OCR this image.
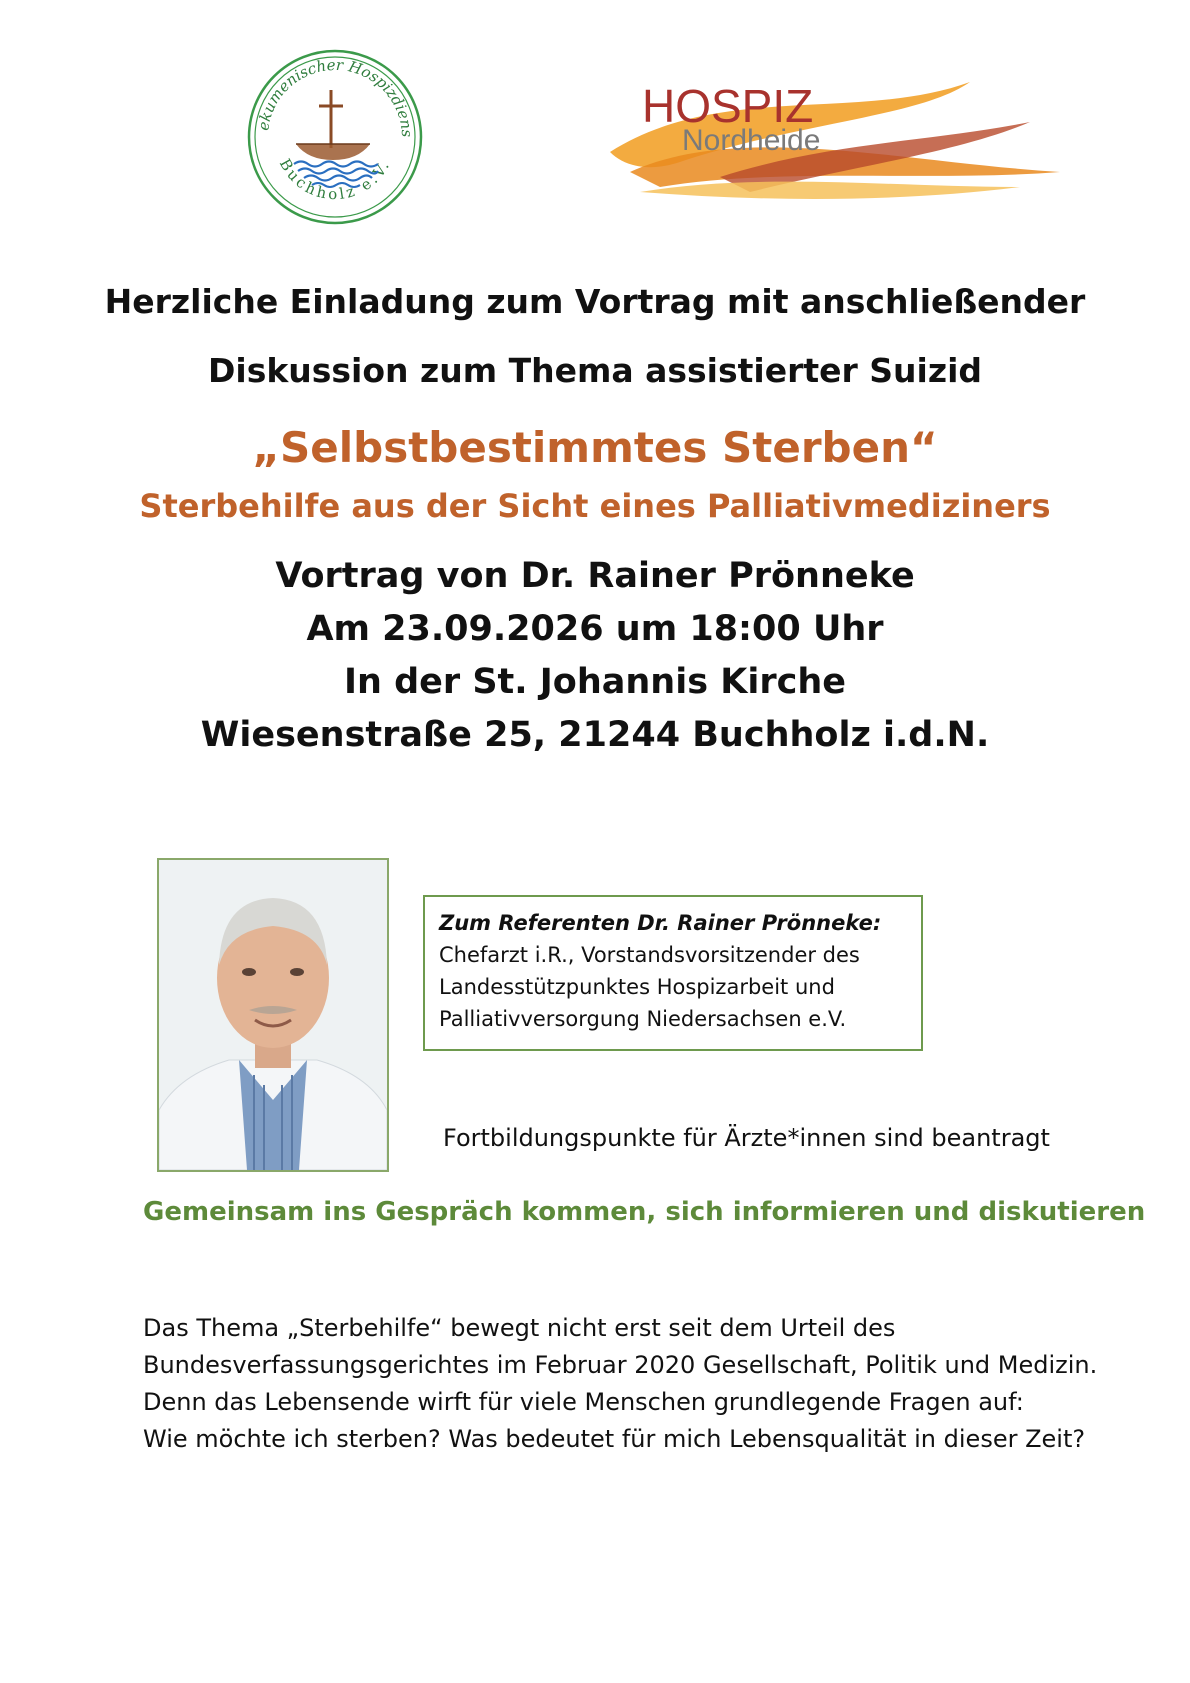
ekumenischer Hospizdiens
Buchholz e.V.
HOSPIZ
Nordheide
Herzliche Einladung zum Vortrag mit anschließender
Diskussion zum Thema assistierter Suizid
„Selbstbestimmtes Sterben“
Sterbehilfe aus der Sicht eines Palliativmediziners
Vortrag von Dr. Rainer Prönneke
Am 23.09.2026 um 18:00 Uhr
In der St. Johannis Kirche
Wiesenstraße 25, 21244 Buchholz i.d.N.
Zum Referenten Dr. Rainer Prönneke:
Chefarzt i.R., Vorstandsvorsitzender des
Landesstützpunktes Hospizarbeit und
Palliativversorgung Niedersachsen e.V.
Fortbildungspunkte für Ärzte*innen sind beantragt
Gemeinsam ins Gespräch kommen, sich informieren und diskutieren
Das Thema „Sterbehilfe“ bewegt nicht erst seit dem Urteil des
Bundesverfassungsgerichtes im Februar 2020 Gesellschaft, Politik und Medizin.
Denn das Lebensende wirft für viele Menschen grundlegende Fragen auf:
Wie möchte ich sterben? Was bedeutet für mich Lebensqualität in dieser Zeit?
